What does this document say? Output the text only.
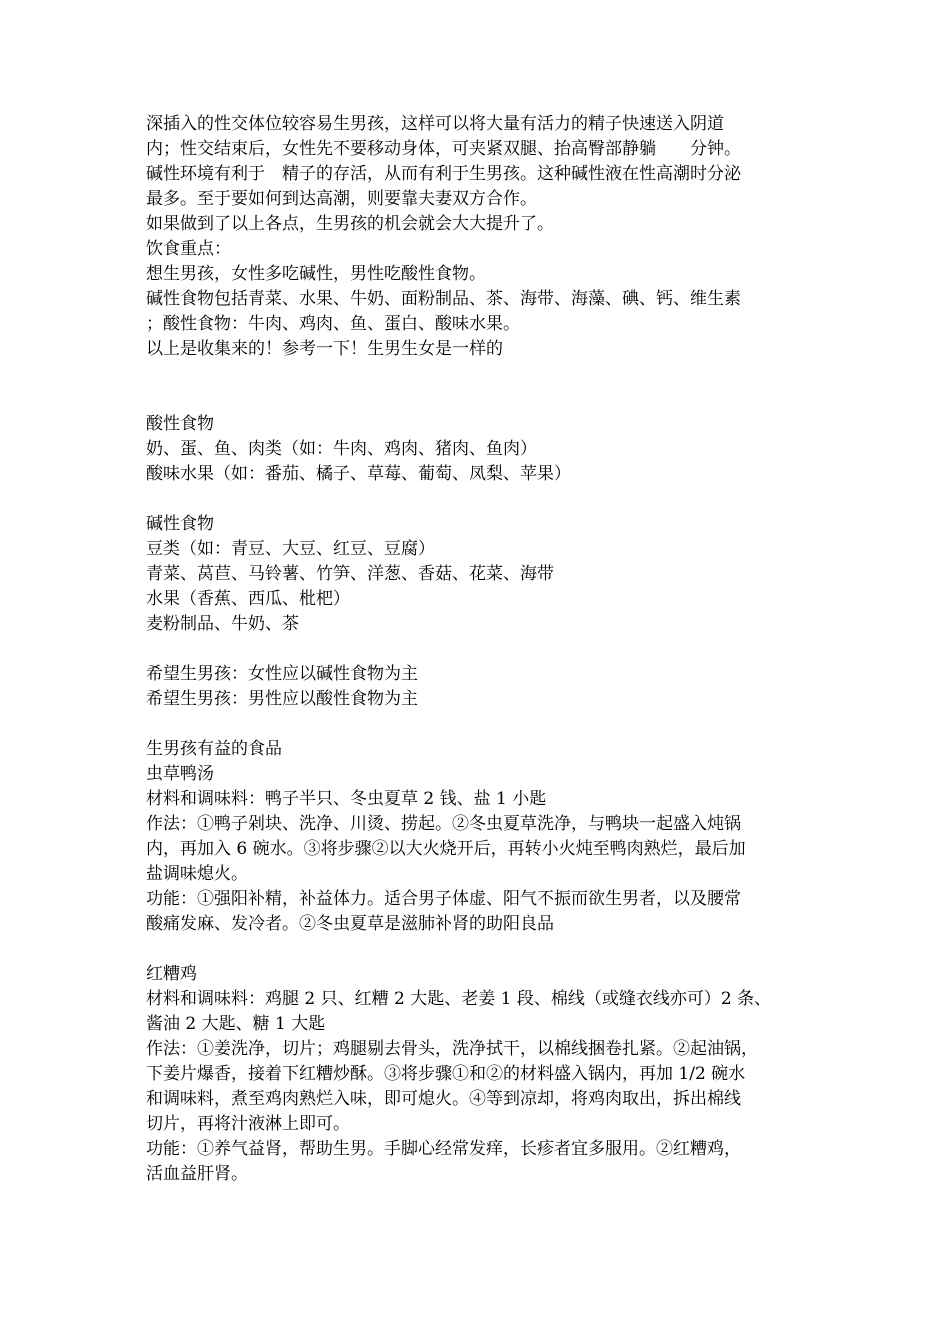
深插入的性交体位较容易生男孩，这样可以将大量有活力的精子快速送入阴道
内；性交结束后，女性先不要移动身体，可夹紧双腿、抬高臀部静躺　　分钟。
碱性环境有利于　精子的存活，从而有利于生男孩。这种碱性液在性高潮时分泌
最多。至于要如何到达高潮，则要靠夫妻双方合作。
如果做到了以上各点，生男孩的机会就会大大提升了。
饮食重点：
想生男孩，女性多吃碱性，男性吃酸性食物。
碱性食物包括青菜、水果、牛奶、面粉制品、茶、海带、海藻、碘、钙、维生素
；酸性食物：牛肉、鸡肉、鱼、蛋白、酸味水果。
以上是收集来的！参考一下！生男生女是一样的
酸性食物
奶、蛋、鱼、肉类（如：牛肉、鸡肉、猪肉、鱼肉）
酸味水果（如：番茄、橘子、草莓、葡萄、凤梨、苹果）
碱性食物
豆类（如：青豆、大豆、红豆、豆腐）
青菜、莴苣、马铃薯、竹笋、洋葱、香菇、花菜、海带
水果（香蕉、西瓜、枇杷）
麦粉制品、牛奶、茶
希望生男孩：女性应以碱性食物为主
希望生男孩：男性应以酸性食物为主
生男孩有益的食品
虫草鸭汤
材料和调味料：鸭子半只、冬虫夏草 2 钱、盐 1 小匙
作法：①鸭子剁块、洗净、川烫、捞起。②冬虫夏草洗净，与鸭块一起盛入炖锅
内，再加入 6 碗水。③将步骤②以大火烧开后，再转小火炖至鸭肉熟烂，最后加
盐调味熄火。
功能：①强阳补精，补益体力。适合男子体虚、阳气不振而欲生男者，以及腰常
酸痛发麻、发冷者。②冬虫夏草是滋肺补肾的助阳良品
红糟鸡
材料和调味料：鸡腿 2 只、红糟 2 大匙、老姜 1 段、棉线（或缝衣线亦可）2 条、
酱油 2 大匙、糖 1 大匙
作法：①姜洗净，切片；鸡腿剔去骨头，洗净拭干，以棉线捆卷扎紧。②起油锅，
下姜片爆香，接着下红糟炒酥。③将步骤①和②的材料盛入锅内，再加 1/2 碗水
和调味料，煮至鸡肉熟烂入味，即可熄火。④等到凉却，将鸡肉取出，拆出棉线
切片，再将汁液淋上即可。
功能：①养气益肾，帮助生男。手脚心经常发痒，长疹者宜多服用。②红糟鸡，
活血益肝肾。
